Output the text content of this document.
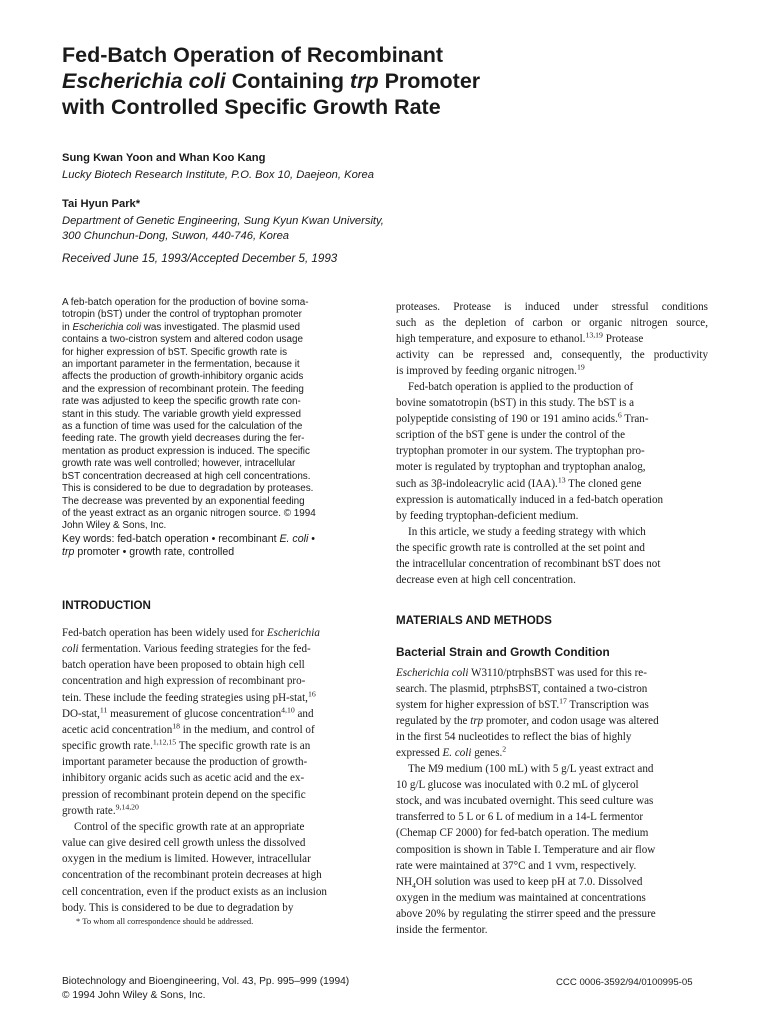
Fed-Batch Operation of Recombinant
Escherichia coli Containing trp Promoter
with Controlled Specific Growth Rate
Sung Kwan Yoon and Whan Koo Kang
Lucky Biotech Research Institute, P.O. Box 10, Daejeon, Korea
Tai Hyun Park*
Department of Genetic Engineering, Sung Kyun Kwan University,
300 Chunchun-Dong, Suwon, 440-746, Korea
Received June 15, 1993/Accepted December 5, 1993
A feb-batch operation for the production of bovine soma-
totropin (bST) under the control of tryptophan promoter
in Escherichia coli was investigated. The plasmid used
contains a two-cistron system and altered codon usage
for higher expression of bST. Specific growth rate is
an important parameter in the fermentation, because it
affects the production of growth-inhibitory organic acids
and the expression of recombinant protein. The feeding
rate was adjusted to keep the specific growth rate con-
stant in this study. The variable growth yield expressed
as a function of time was used for the calculation of the
feeding rate. The growth yield decreases during the fer-
mentation as product expression is induced. The specific
growth rate was well controlled; however, intracellular
bST concentration decreased at high cell concentrations.
This is considered to be due to degradation by proteases.
The decrease was prevented by an exponential feeding
of the yeast extract as an organic nitrogen source. © 1994
John Wiley & Sons, Inc.
Key words: fed-batch operation • recombinant E. coli •
trp promoter • growth rate, controlled
proteases. Protease is induced under stressful conditions
such as the depletion of carbon or organic nitrogen source,
high temperature, and exposure to ethanol.$^{13,19}$ Protease
activity can be repressed and, consequently, the productivity
is improved by feeding organic nitrogen.$^{19}$
Fed-batch operation is applied to the production of
bovine somatotropin (bST) in this study. The bST is a
polypeptide consisting of 190 or 191 amino acids.$^6$ Tran-
scription of the bST gene is under the control of the
tryptophan promoter in our system. The tryptophan pro-
moter is regulated by tryptophan and tryptophan analog,
such as 3β-indoleacrylic acid (IAA).$^{13}$ The cloned gene
expression is automatically induced in a fed-batch operation
by feeding tryptophan-deficient medium.
In this article, we study a feeding strategy with which
the specific growth rate is controlled at the set point and
the intracellular concentration of recombinant bST does not
decrease even at high cell concentration.
INTRODUCTION
Fed-batch operation has been widely used for Escherichia
coli fermentation. Various feeding strategies for the fed-
batch operation have been proposed to obtain high cell
concentration and high expression of recombinant pro-
tein. These include the feeding strategies using pH-stat,$^{16}$
DO-stat,$^{11}$ measurement of glucose concentration$^{4,10}$ and
acetic acid concentration$^{18}$ in the medium, and control of
specific growth rate.$^{1,12,15}$ The specific growth rate is an
important parameter because the production of growth-
inhibitory organic acids such as acetic acid and the ex-
pression of recombinant protein depend on the specific
growth rate.$^{9,14,20}$
Control of the specific growth rate at an appropriate
value can give desired cell growth unless the dissolved
oxygen in the medium is limited. However, intracellular
concentration of the recombinant protein decreases at high
cell concentration, even if the product exists as an inclusion
body. This is considered to be due to degradation by
MATERIALS AND METHODS
Bacterial Strain and Growth Condition
Escherichia coli W3110/ptrphsBST was used for this re-
search. The plasmid, ptrphsBST, contained a two-cistron
system for higher expression of bST.$^{17}$ Transcription was
regulated by the trp promoter, and codon usage was altered
in the first 54 nucleotides to reflect the bias of highly
expressed E. coli genes.$^2$
The M9 medium (100 mL) with 5 g/L yeast extract and
10 g/L glucose was inoculated with 0.2 mL of glycerol
stock, and was incubated overnight. This seed culture was
transferred to 5 L or 6 L of medium in a 14-L fermentor
(Chemap CF 2000) for fed-batch operation. The medium
composition is shown in Table I. Temperature and air flow
rate were maintained at 37°C and 1 vvm, respectively.
$NH_4OH$ solution was used to keep pH at 7.0. Dissolved
oxygen in the medium was maintained at concentrations
above 20% by regulating the stirrer speed and the pressure
inside the fermentor.
* To whom all correspondence should be addressed.
Biotechnology and Bioengineering, Vol. 43, Pp. 995–999 (1994)
© 1994 John Wiley & Sons, Inc.
CCC 0006-3592/94/0100995-05
